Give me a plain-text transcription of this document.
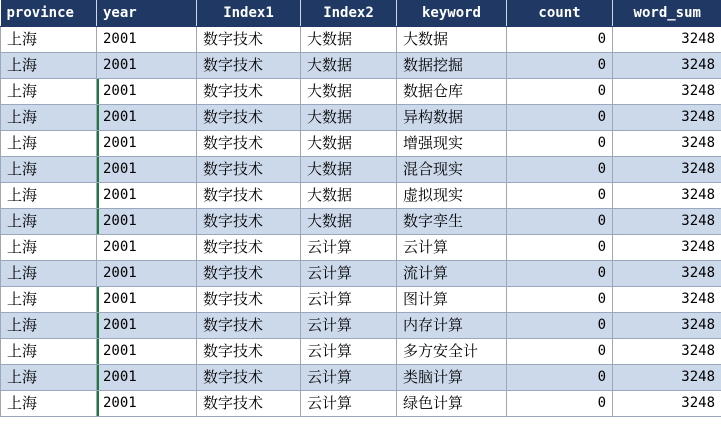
province	year	Index1	Index2	keyword	count	word_sum
上海	2001	数字技术	大数据	大数据	0	3248
上海	2001	数字技术	大数据	数据挖掘	0	3248
上海	2001	数字技术	大数据	数据仓库	0	3248
上海	2001	数字技术	大数据	异构数据	0	3248
上海	2001	数字技术	大数据	增强现实	0	3248
上海	2001	数字技术	大数据	混合现实	0	3248
上海	2001	数字技术	大数据	虚拟现实	0	3248
上海	2001	数字技术	大数据	数字孪生	0	3248
上海	2001	数字技术	云计算	云计算	0	3248
上海	2001	数字技术	云计算	流计算	0	3248
上海	2001	数字技术	云计算	图计算	0	3248
上海	2001	数字技术	云计算	内存计算	0	3248
上海	2001	数字技术	云计算	多方安全计	0	3248
上海	2001	数字技术	云计算	类脑计算	0	3248
上海	2001	数字技术	云计算	绿色计算	0	3248
